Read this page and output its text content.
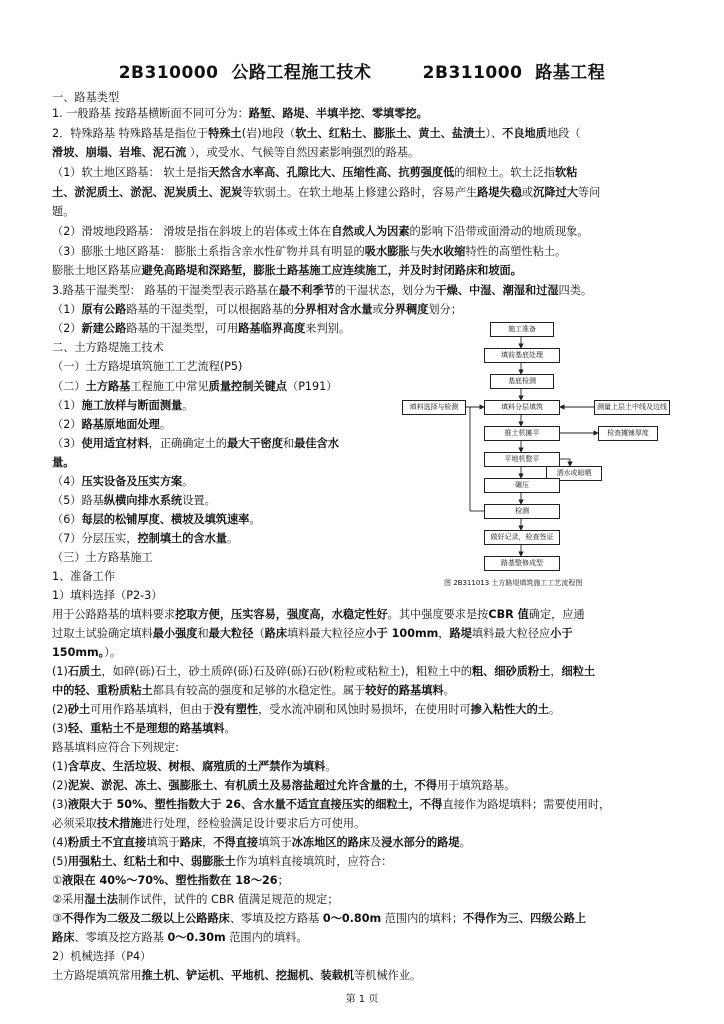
2B310000  公路工程施工技术        2B311000  路基工程
一、路基类型
1. 一般路基 按路基横断面不同可分为：路堑、路堤、半填半挖、零填零挖。
2．特殊路基 特殊路基是指位于特殊土(岩)地段（软土、红粘土、膨胀土、黄土、盐渍土）、不良地质地段（
滑坡、崩塌、岩堆、泥石流 ），或受水、气候等自然因素影响强烈的路基。
（1）软土地区路基： 软土是指天然含水率高、孔隙比大、压缩性高、抗剪强度低的细粒土。软土泛指软粘
土、淤泥质土、淤泥、泥炭质土、泥炭等软弱土。在软土地基上修建公路时，容易产生路堤失稳或沉降过大等问
题。
（2）滑坡地段路基： 滑坡是指在斜坡上的岩体或土体在自然或人为因素的影响下沿带或面滑动的地质现象。
（3）膨胀土地区路基： 膨胀土系指含亲水性矿物并具有明显的吸水膨胀与失水收缩特性的高塑性粘土。
膨胀土地区路基应避免高路堤和深路堑，膨胀土路基施工应连续施工，并及时封闭路床和坡面。
3.路基干湿类型： 路基的干湿类型表示路基在最不利季节的干湿状态，划分为干燥、中湿、潮湿和过湿四类。
（1）原有公路路基的干湿类型，可以根据路基的分界相对含水量或分界稠度划分；
（2）新建公路路基的干湿类型，可用路基临界高度来判别。
二、土方路堤施工技术
（一）土方路堤填筑施工工艺流程(P5)
（二）土方路基工程施工中常见质量控制关键点（P191）
（1）施工放样与断面测量。
（2）路基原地面处理。
（3）使用适宜材料，正确确定土的最大干密度和最佳含水
量。
（4）压实设备及压实方案。
（5）路基纵横向排水系统设置。
（6）每层的松铺厚度、横坡及填筑速率。
（7）分层压实，控制填土的含水量。
（三）土方路基施工
1、准备工作
1）填料选择（P2-3）
施工准备
填前基底处理
基底检测
填料选择与检测	填料分层填筑	测量上层土中线及边线
推土机摊平	检查摊铺厚度
平地机整平
洒水或晾晒
碾压
检测
做好记录，检查签证
路基整修成型
图 2B311013 土方路堤填筑施工工艺流程图
用于公路路基的填料要求挖取方便，压实容易，强度高，水稳定性好。其中强度要求是按CBR 值确定，应通
过取土试验确定填料最小强度和最大粒径（路床填料最大粒径应小于 100mm，路堤填料最大粒径应小于
150mm。）。
(1)石质土，如碎(砾)石土，砂土质碎(砾)石及碎(砾)石砂(粉粒或粘粒土)，粗粒土中的粗、细砂质粉土，细粒土
中的轻、重粉质粘土都具有较高的强度和足够的水稳定性。属于较好的路基填料。
(2)砂土可用作路基填料，但由于没有塑性，受水流冲刷和风蚀时易损坏，在使用时可掺入粘性大的土。
(3)轻、重粘土不是理想的路基填料。
路基填料应符合下列规定:
(1)含草皮、生活垃圾、树根、腐殖质的土严禁作为填料。
(2)泥炭、淤泥、冻土、强膨胀土、有机质土及易溶盐超过允许含量的土，不得用于填筑路基。
(3)液限大于 50%、塑性指数大于 26、含水量不适宜直接压实的细粒土，不得直接作为路堤填料；需要使用时，
必须采取技术措施进行处理，经检验满足设计要求后方可使用。
(4)粉质土不宜直接填筑于路床，不得直接填筑于冰冻地区的路床及浸水部分的路堤。
(5)用强粘土、红粘土和中、弱膨胀土作为填料直接填筑时，应符合：
①液限在 40%～70%、塑性指数在 18～26；
②采用湿土法制作试件，试件的 CBR 值满足规范的规定；
③不得作为二级及二级以上公路路床、零填及挖方路基 0～0.80m 范围内的填料；不得作为三、四级公路上
路床、零填及挖方路基 0～0.30m 范围内的填料。
2）机械选择（P4）
土方路堤填筑常用推土机、铲运机、平地机、挖掘机、装载机等机械作业。
第 1 页
